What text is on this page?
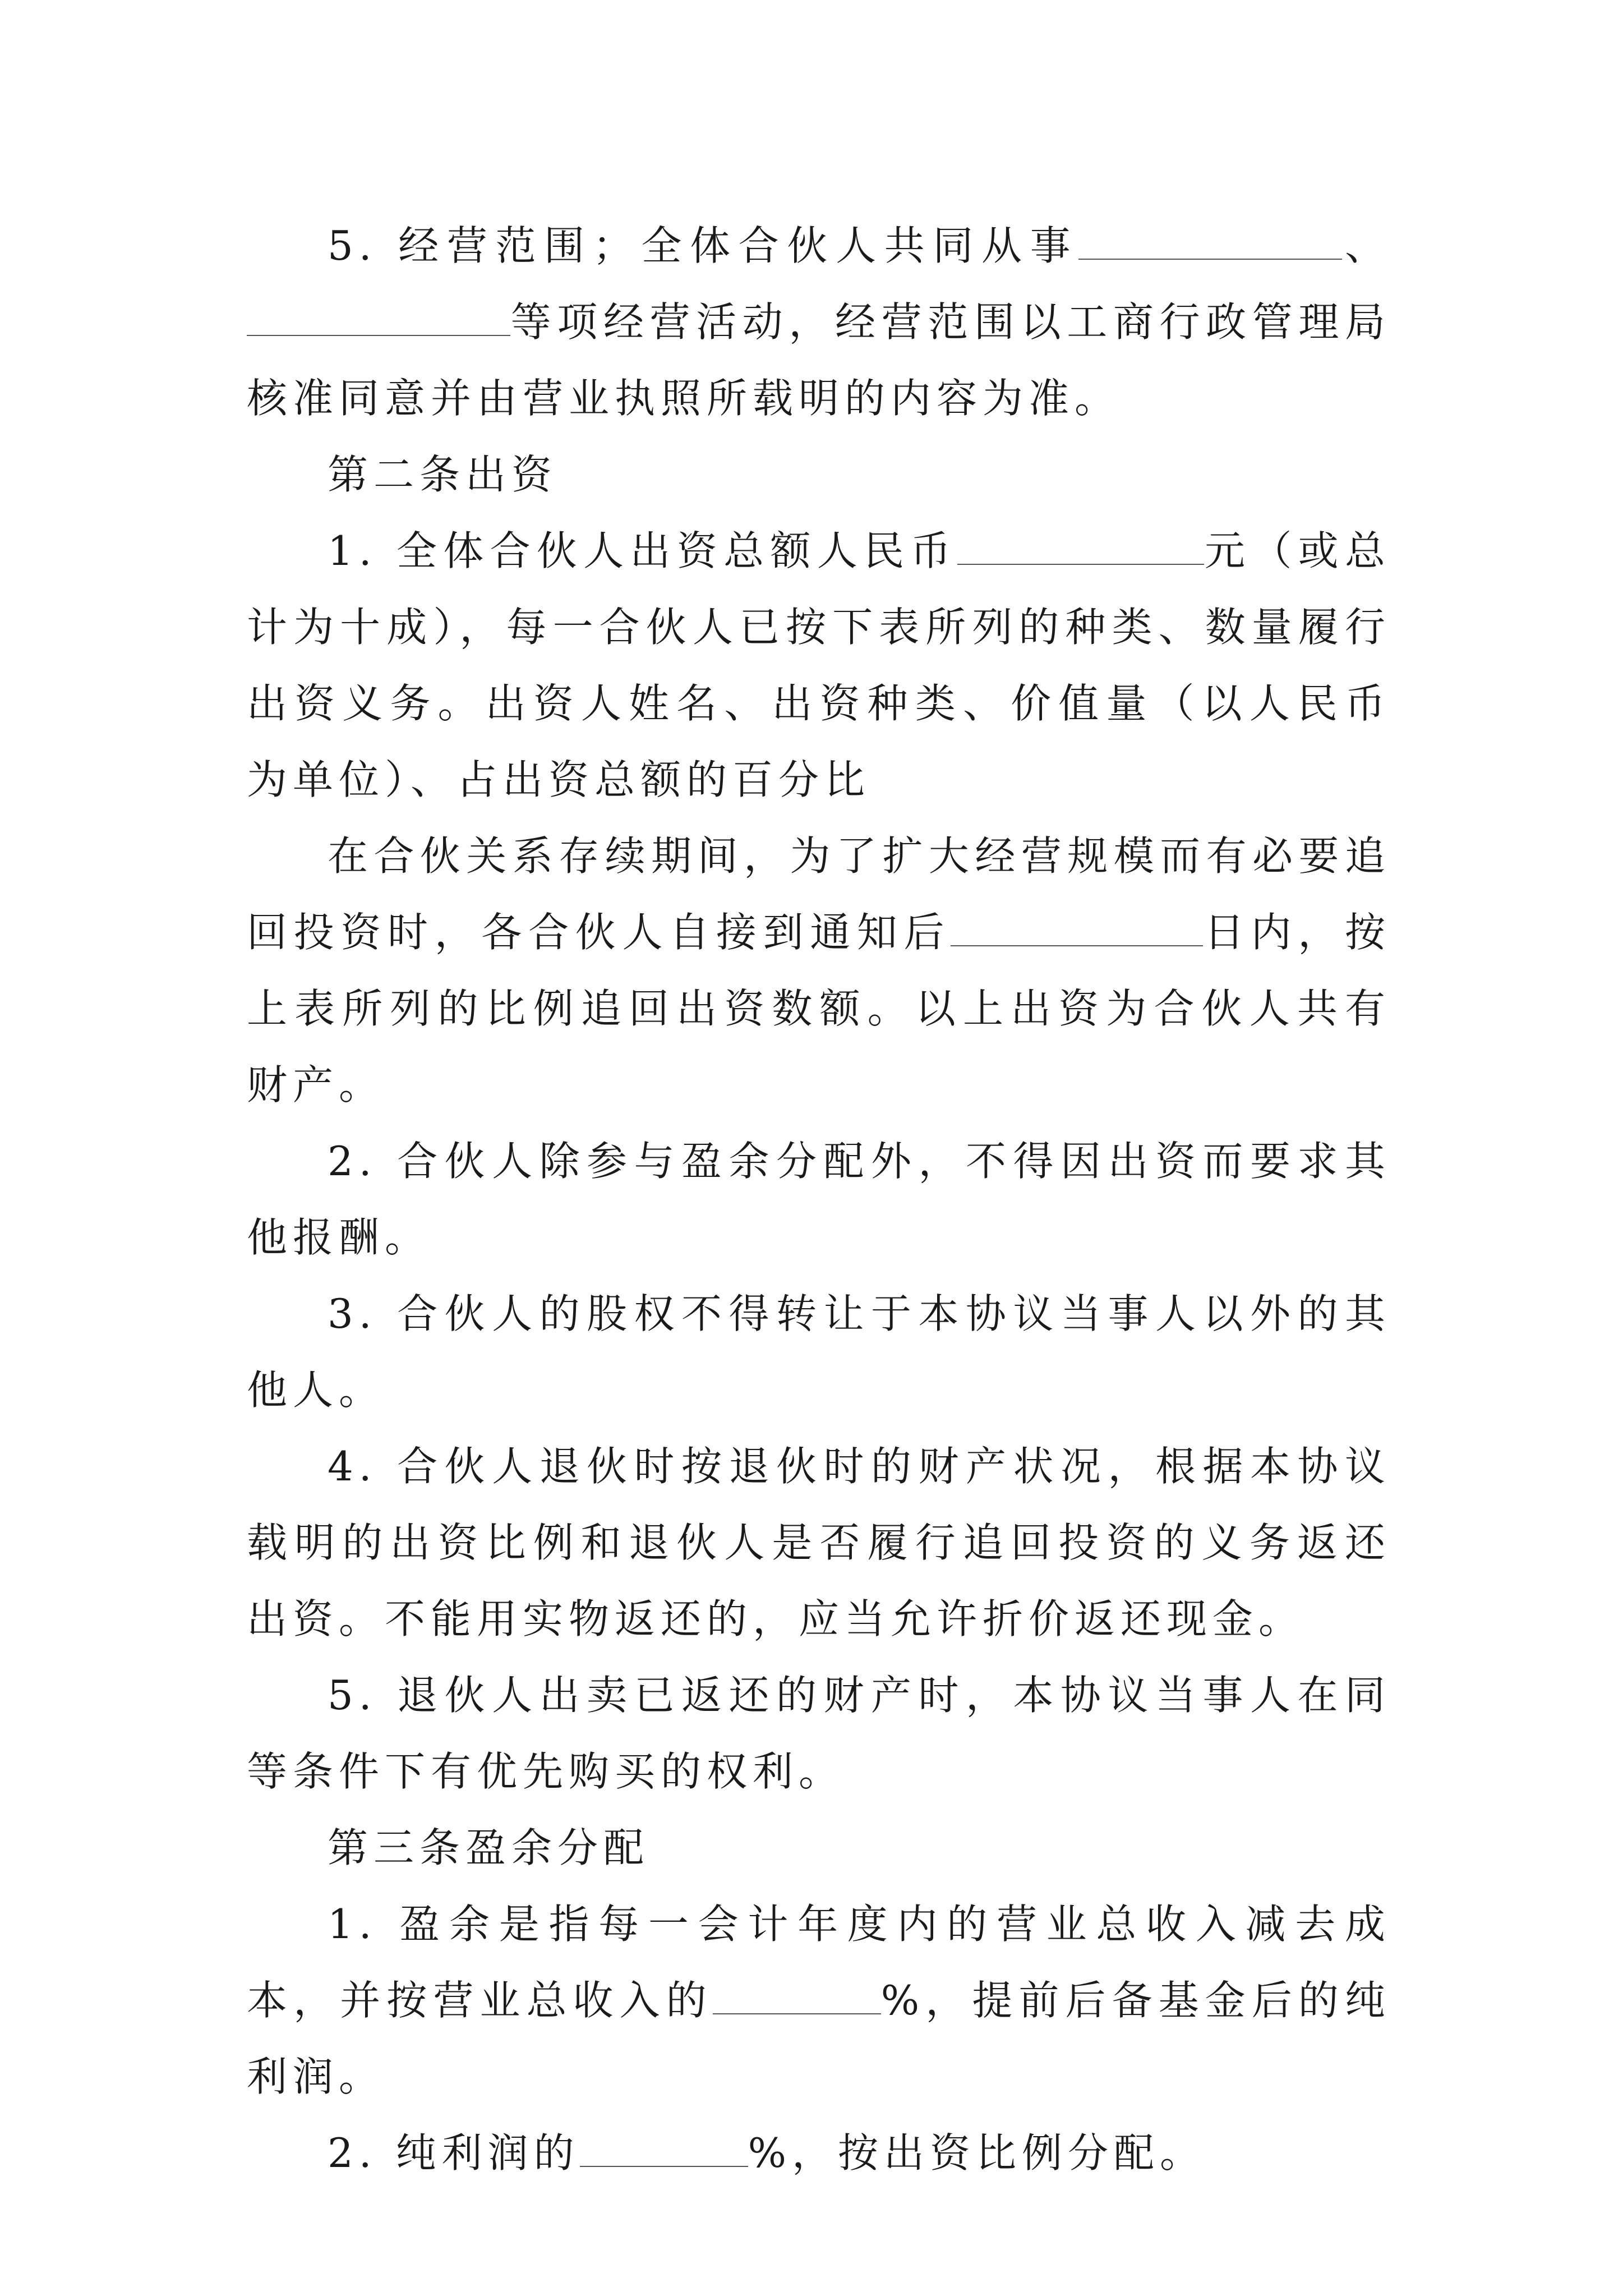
5. 经营范围；全体合伙人共同从事	、等项经营活动，经营范围以工商行政管理局核准同意并由营业执照所载明的内容为准。

第二条出资

1. 全体合伙人出资总额人民币	元（或总计为十成），每一合伙人已按下表所列的种类、数量履行出资义务。出资人姓名、出资种类、价值量（以人民币为单位）、占出资总额的百分比

在合伙关系存续期间，为了扩大经营规模而有必要追回投资时，各合伙人自接到通知后	日内，按上表所列的比例追回出资数额。以上出资为合伙人共有财产。

2. 合伙人除参与盈余分配外，不得因出资而要求其他报酬。

3. 合伙人的股权不得转让于本协议当事人以外的其他人。

4. 合伙人退伙时按退伙时的财产状况，根据本协议载明的出资比例和退伙人是否履行追回投资的义务返还出资。不能用实物返还的，应当允许折价返还现金。

5. 退伙人出卖已返还的财产时，本协议当事人在同等条件下有优先购买的权利。

第三条盈余分配

1. 盈余是指每一会计年度内的营业总收入减去成本，并按营业总收入的	%，提前后备基金后的纯利润。

2. 纯利润的	%，按出资比例分配。
